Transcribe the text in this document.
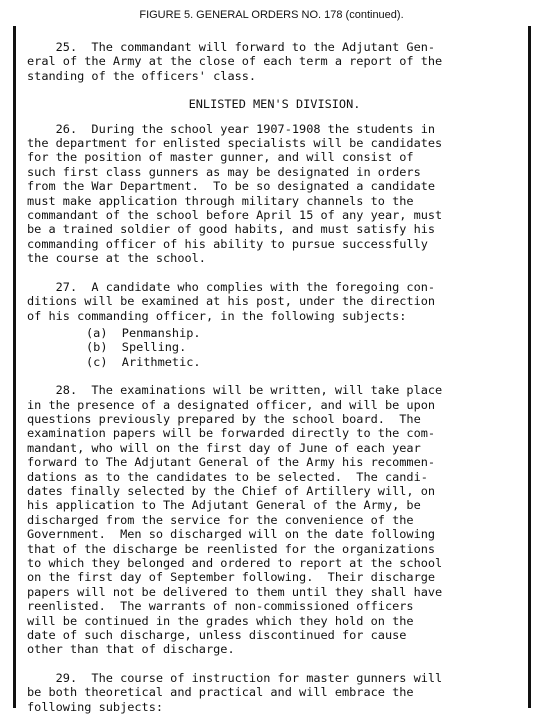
FIGURE 5. GENERAL ORDERS NO. 178 (continued).

25.  The commandant will forward to the Adjutant Gen-
eral of the Army at the close of each term a report of the
standing of the officers' class.

ENLISTED MEN'S DIVISION.

26.  During the school year 1907-1908 the students in
the department for enlisted specialists will be candidates
for the position of master gunner, and will consist of
such first class gunners as may be designated in orders
from the War Department.  To be so designated a candidate
must make application through military channels to the
commandant of the school before April 15 of any year, must
be a trained soldier of good habits, and must satisfy his
commanding officer of his ability to pursue successfully
the course at the school.

27.  A candidate who complies with the foregoing con-
ditions will be examined at his post, under the direction
of his commanding officer, in the following subjects:

(a)  Penmanship.
(b)  Spelling.
(c)  Arithmetic.

28.  The examinations will be written, will take place
in the presence of a designated officer, and will be upon
questions previously prepared by the school board.  The
examination papers will be forwarded directly to the com-
mandant, who will on the first day of June of each year
forward to The Adjutant General of the Army his recommen-
dations as to the candidates to be selected.  The candi-
dates finally selected by the Chief of Artillery will, on
his application to The Adjutant General of the Army, be
discharged from the service for the convenience of the
Government.  Men so discharged will on the date following
that of the discharge be reenlisted for the organizations
to which they belonged and ordered to report at the school
on the first day of September following.  Their discharge
papers will not be delivered to them until they shall have
reenlisted.  The warrants of non-commissioned officers
will be continued in the grades which they hold on the
date of such discharge, unless discontinued for cause
other than that of discharge.

29.  The course of instruction for master gunners will
be both theoretical and practical and will embrace the
following subjects:
